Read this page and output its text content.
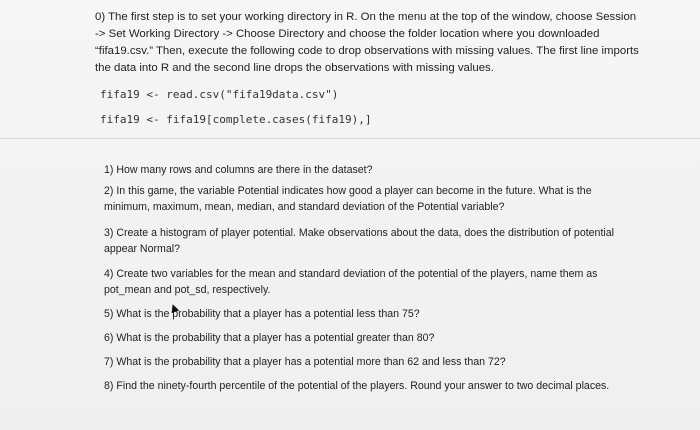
0) The first step is to set your working directory in R. On the menu at the top of the window, choose Session -> Set Working Directory -> Choose Directory and choose the folder location where you downloaded “fifa19.csv.” Then, execute the following code to drop observations with missing values. The first line imports the data into R and the second line drops the observations with missing values.
fifa19 <- read.csv("fifa19data.csv")
fifa19 <- fifa19[complete.cases(fifa19),]
1) How many rows and columns are there in the dataset?
2) In this game, the variable Potential indicates how good a player can become in the future. What is the minimum, maximum, mean, median, and standard deviation of the Potential variable?
3) Create a histogram of player potential. Make observations about the data, does the distribution of potential appear Normal?
4) Create two variables for the mean and standard deviation of the potential of the players, name them as pot_mean and pot_sd, respectively.
5) What is the probability that a player has a potential less than 75?
6) What is the probability that a player has a potential greater than 80?
7) What is the probability that a player has a potential more than 62 and less than 72?
8) Find the ninety-fourth percentile of the potential of the players. Round your answer to two decimal places.
